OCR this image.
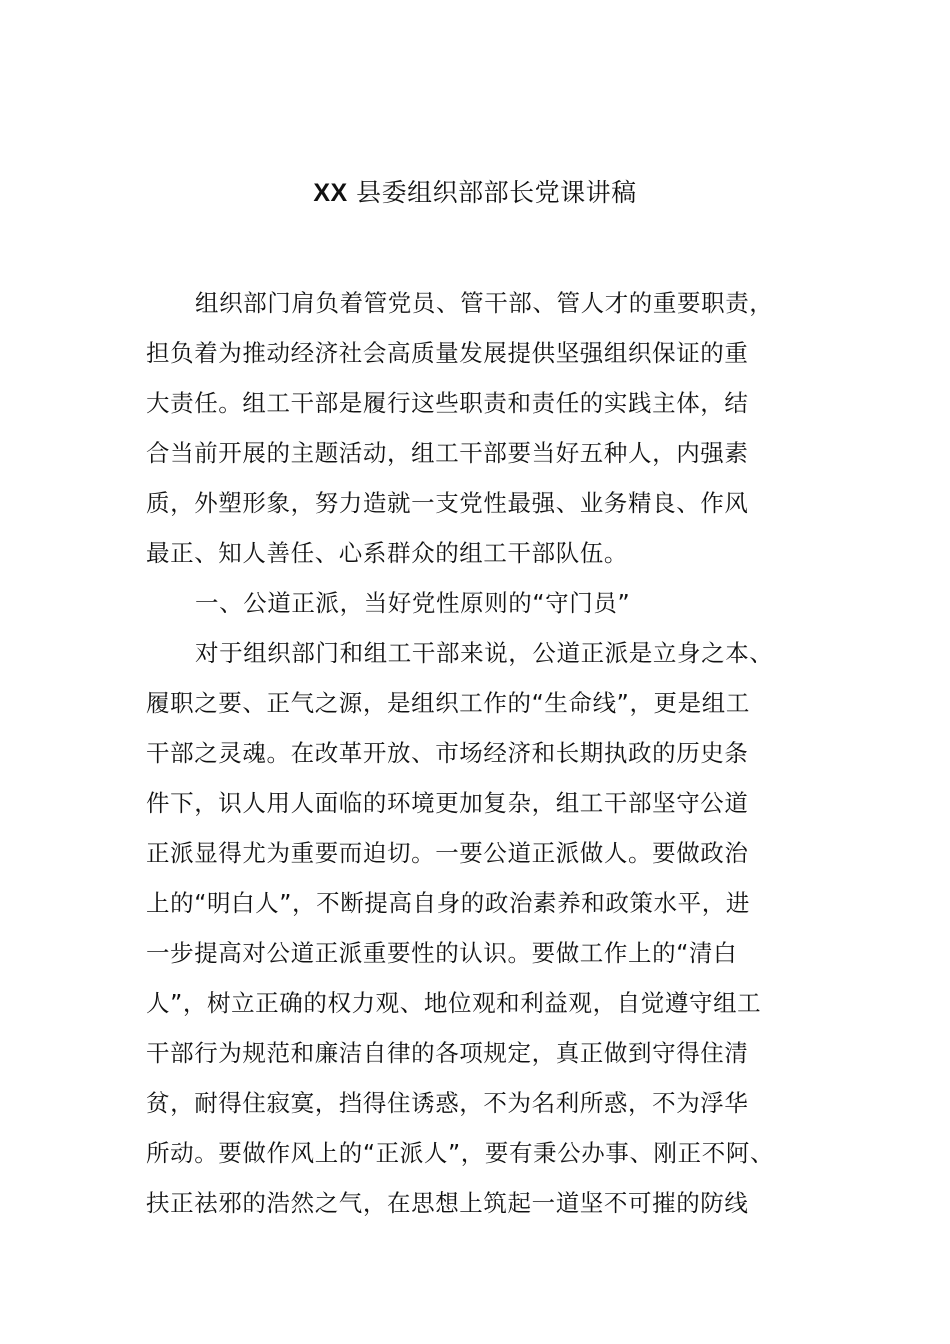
XX 县委组织部部长党课讲稿

组织部门肩负着管党员、管干部、管人才的重要职责，
担负着为推动经济社会高质量发展提供坚强组织保证的重
大责任。组工干部是履行这些职责和责任的实践主体，结
合当前开展的主题活动，组工干部要当好五种人，内强素
质，外塑形象，努力造就一支党性最强、业务精良、作风
最正、知人善任、心系群众的组工干部队伍。

一、公道正派，当好党性原则的“守门员”

对于组织部门和组工干部来说，公道正派是立身之本、
履职之要、正气之源，是组织工作的“生命线”，更是组工
干部之灵魂。在改革开放、市场经济和长期执政的历史条
件下，识人用人面临的环境更加复杂，组工干部坚守公道
正派显得尤为重要而迫切。一要公道正派做人。要做政治
上的“明白人”，不断提高自身的政治素养和政策水平，进
一步提高对公道正派重要性的认识。要做工作上的“清白
人”，树立正确的权力观、地位观和利益观，自觉遵守组工
干部行为规范和廉洁自律的各项规定，真正做到守得住清
贫，耐得住寂寞，挡得住诱惑，不为名利所惑，不为浮华
所动。要做作风上的“正派人”，要有秉公办事、刚正不阿、
扶正祛邪的浩然之气，在思想上筑起一道坚不可摧的防线
